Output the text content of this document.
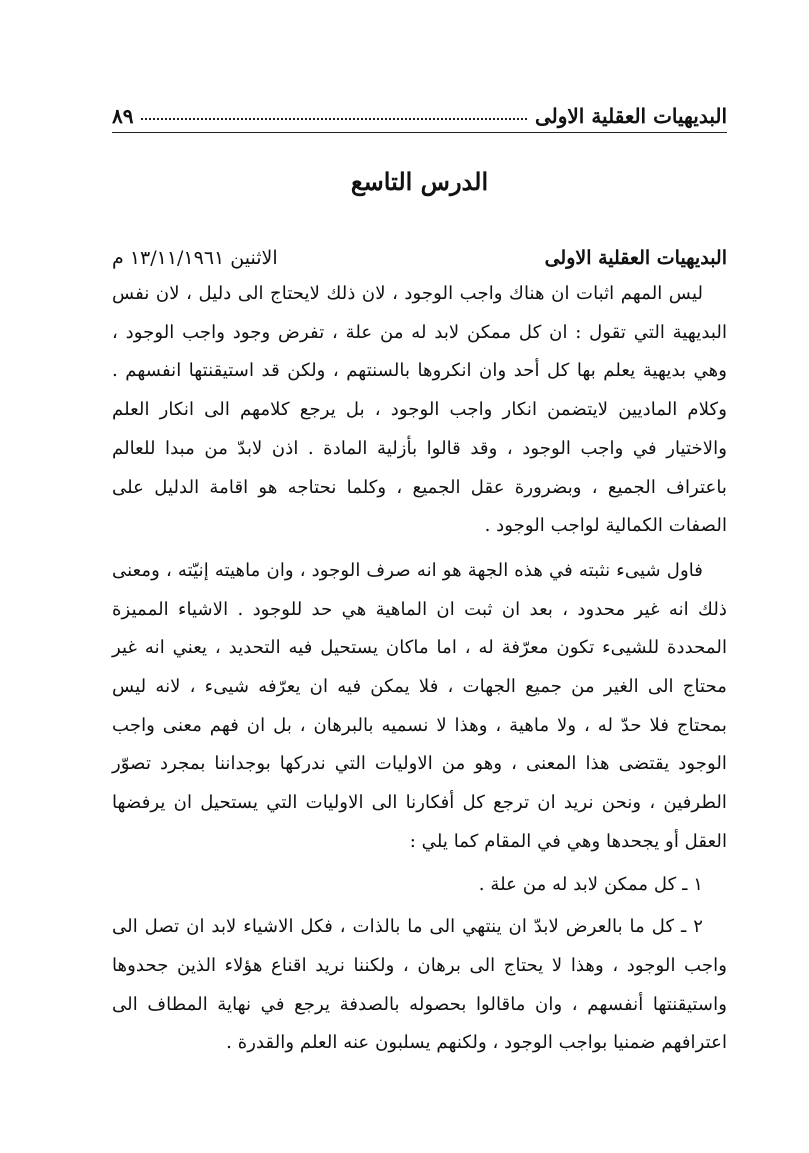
البديهيات العقلية الاولى
٨٩
الدرس التاسع
البديهيات العقلية الاولى
الاثنين ١٣/١١/١٩٦١ م

ليس المهم اثبات ان هناك واجب الوجود ، لان ذلك لايحتاج الى دليل ، لان نفس البديهية التي تقول : ان كل ممكن لابد له من علة ، تفرض وجود واجب الوجود ، وهي بديهية يعلم بها كل أحد وان انكروها بالسنتهم ، ولكن قد استيقنتها انفسهم . وكلام الماديين لايتضمن انكار واجب الوجود ، بل يرجع كلامهم الى انكار العلم والاختيار في واجب الوجود ، وقد قالوا بأزلية المادة . اذن لابدّ من مبدا للعالم باعتراف الجميع ، وبضرورة عقل الجميع ، وكلما نحتاجه هو اقامة الدليل على الصفات الكمالية لواجب الوجود .

فاول شيىء نثبته في هذه الجهة هو انه صرف الوجود ، وان ماهيته إنيّته ، ومعنى ذلك انه غير محدود ، بعد ان ثبت ان الماهية هي حد للوجود . الاشياء المميزة المحددة للشيىء تكون معرّفة له ، اما ماكان يستحيل فيه التحديد ، يعني انه غير محتاج الى الغير من جميع الجهات ، فلا يمكن فيه ان يعرّفه شيىء ، لانه ليس بمحتاج فلا حدّ له ، ولا ماهية ، وهذا لا نسميه بالبرهان ، بل ان فهم معنى واجب الوجود يقتضى هذا المعنى ، وهو من الاوليات التي ندركها بوجداننا بمجرد تصوّر الطرفين ، ونحن نريد ان ترجع كل أفكارنا الى الاوليات التي يستحيل ان يرفضها العقل أو يجحدها وهي في المقام كما يلي :

١ ـ كل ممكن لابد له من علة .

٢ ـ كل ما بالعرض لابدّ ان ينتهي الى ما بالذات ، فكل الاشياء لابد ان تصل الى واجب الوجود ، وهذا لا يحتاج الى برهان ، ولكننا نريد اقناع هؤلاء الذين جحدوها واستيقنتها أنفسهم ، وان ماقالوا بحصوله بالصدفة يرجع في نهاية المطاف الى اعترافهم ضمنيا بواجب الوجود ، ولكنهم يسلبون عنه العلم والقدرة .
